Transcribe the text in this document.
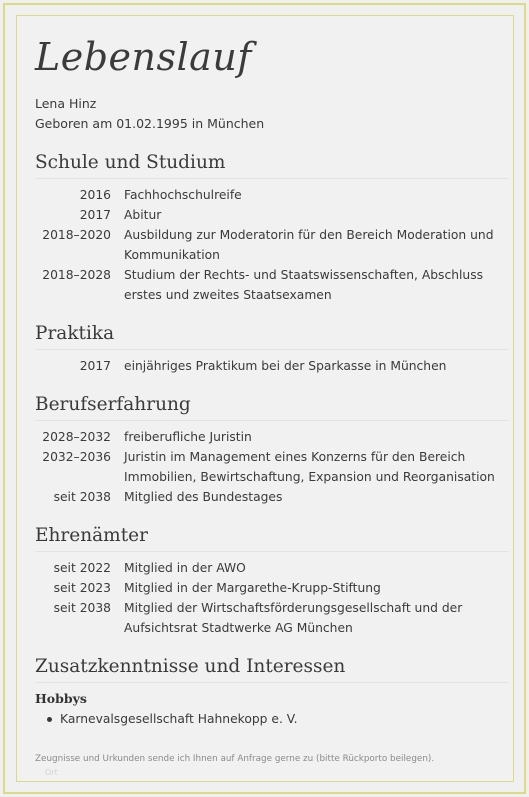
Lebenslauf
Lena Hinz
Geboren am 01.02.1995 in München
Schule und Studium
2016	Fachhochschulreife
2017	Abitur
2018–2020	Ausbildung zur Moderatorin für den Bereich Moderation und Kommunikation
2018–2028	Studium der Rechts- und Staatswissenschaften, Abschluss erstes und zweites Staatsexamen
Praktika
2017	einjähriges Praktikum bei der Sparkasse in München
Berufserfahrung
2028–2032	freiberufliche Juristin
2032–2036	Juristin im Management eines Konzerns für den Bereich Immobilien, Bewirtschaftung, Expansion und Reorganisation
seit 2038	Mitglied des Bundestages
Ehrenämter
seit 2022	Mitglied in der AWO
seit 2023	Mitglied in der Margarethe-Krupp-Stiftung
seit 2038	Mitglied der Wirtschaftsförderungsgesellschaft und der Aufsichtsrat Stadtwerke AG München
Zusatzkenntnisse und Interessen
Hobbys
Karnevalsgesellschaft Hahnekopp e. V.
Zeugnisse und Urkunden sende ich Ihnen auf Anfrage gerne zu (bitte Rückporto beilegen).
Ort
